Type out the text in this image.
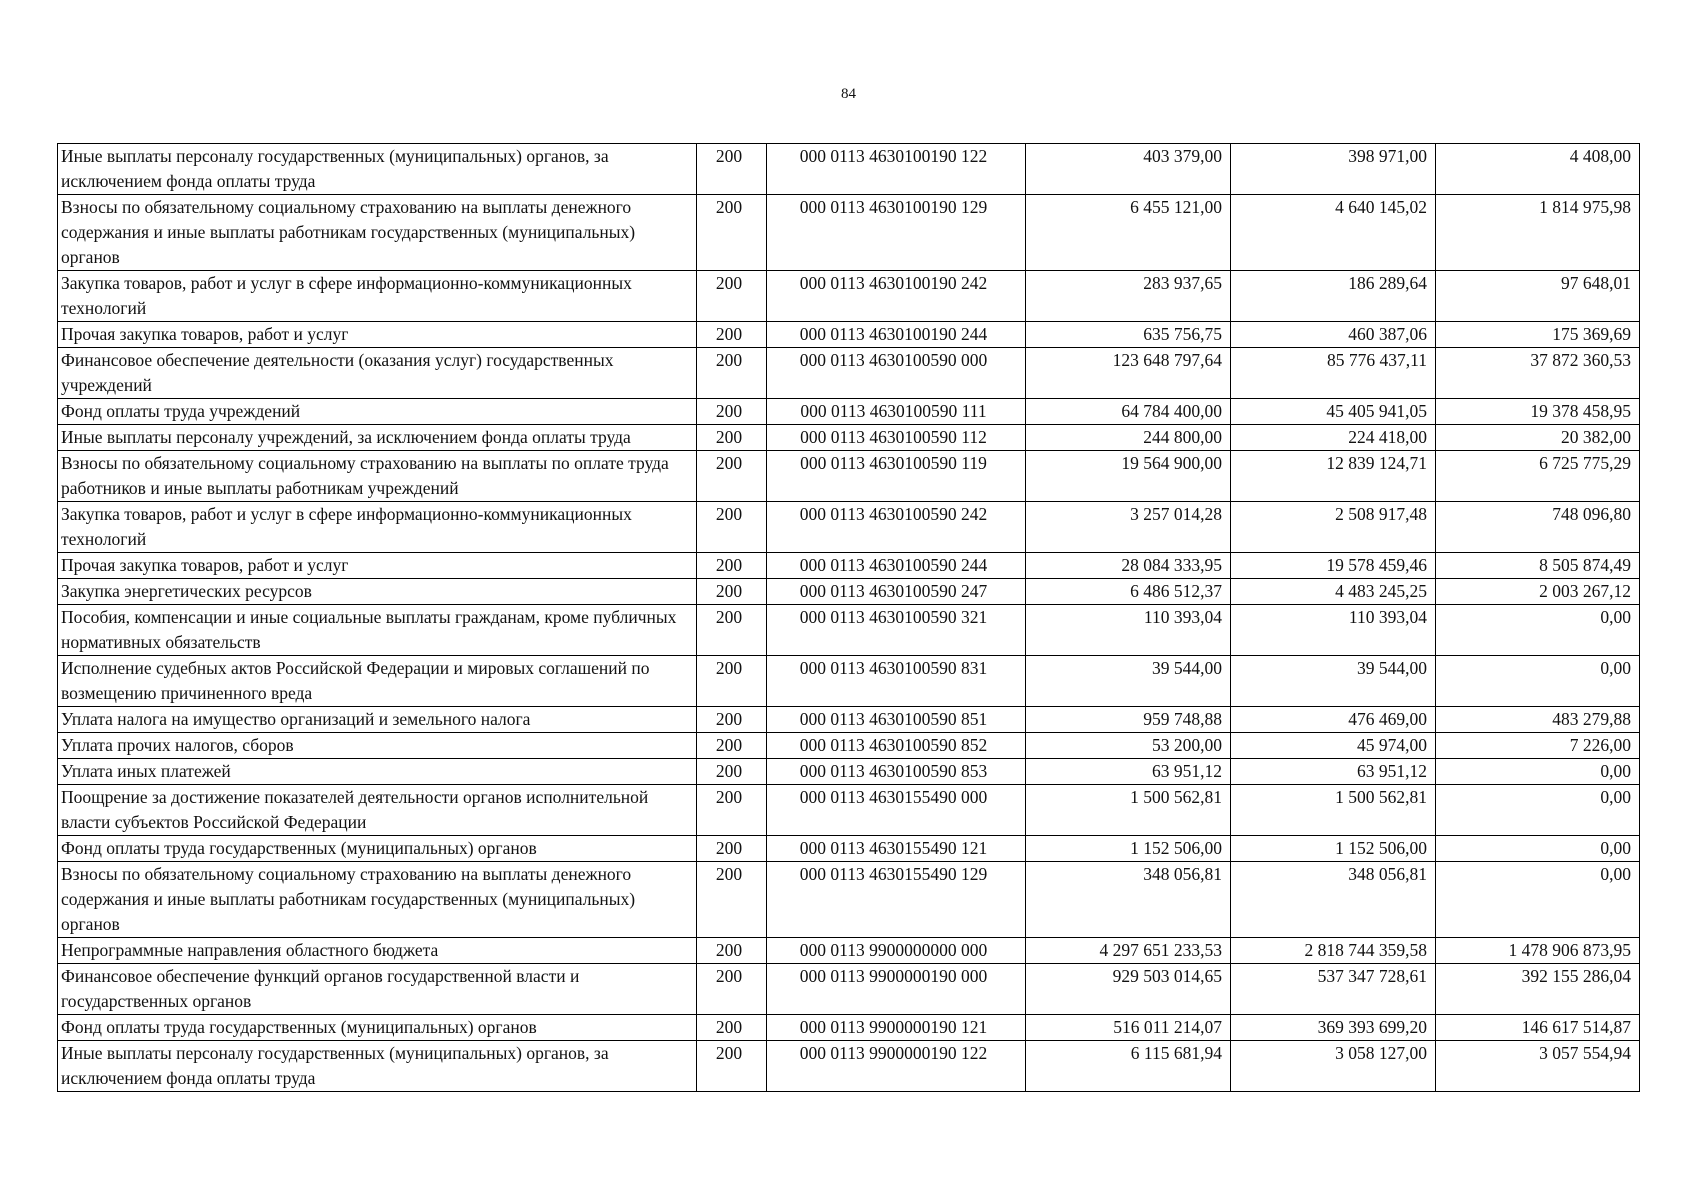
84
Иные выплаты персоналу государственных (муниципальных) органов, за исключением фонда оплаты труда	200	000 0113 4630100190 122	403 379,00	398 971,00	4 408,00
Взносы по обязательному социальному страхованию на выплаты денежного содержания и иные выплаты работникам государственных (муниципальных) органов	200	000 0113 4630100190 129	6 455 121,00	4 640 145,02	1 814 975,98
Закупка товаров, работ и услуг в сфере информационно-коммуникационных технологий	200	000 0113 4630100190 242	283 937,65	186 289,64	97 648,01
Прочая закупка товаров, работ и услуг	200	000 0113 4630100190 244	635 756,75	460 387,06	175 369,69
Финансовое обеспечение деятельности (оказания услуг) государственных учреждений	200	000 0113 4630100590 000	123 648 797,64	85 776 437,11	37 872 360,53
Фонд оплаты труда учреждений	200	000 0113 4630100590 111	64 784 400,00	45 405 941,05	19 378 458,95
Иные выплаты персоналу учреждений, за исключением фонда оплаты труда	200	000 0113 4630100590 112	244 800,00	224 418,00	20 382,00
Взносы по обязательному социальному страхованию на выплаты по оплате труда работников и иные выплаты работникам учреждений	200	000 0113 4630100590 119	19 564 900,00	12 839 124,71	6 725 775,29
Закупка товаров, работ и услуг в сфере информационно-коммуникационных технологий	200	000 0113 4630100590 242	3 257 014,28	2 508 917,48	748 096,80
Прочая закупка товаров, работ и услуг	200	000 0113 4630100590 244	28 084 333,95	19 578 459,46	8 505 874,49
Закупка энергетических ресурсов	200	000 0113 4630100590 247	6 486 512,37	4 483 245,25	2 003 267,12
Пособия, компенсации и иные социальные выплаты гражданам, кроме публичных нормативных обязательств	200	000 0113 4630100590 321	110 393,04	110 393,04	0,00
Исполнение судебных актов Российской Федерации и мировых соглашений по возмещению причиненного вреда	200	000 0113 4630100590 831	39 544,00	39 544,00	0,00
Уплата налога на имущество организаций и земельного налога	200	000 0113 4630100590 851	959 748,88	476 469,00	483 279,88
Уплата прочих налогов, сборов	200	000 0113 4630100590 852	53 200,00	45 974,00	7 226,00
Уплата иных платежей	200	000 0113 4630100590 853	63 951,12	63 951,12	0,00
Поощрение за достижение показателей деятельности органов исполнительной власти субъектов Российской Федерации	200	000 0113 4630155490 000	1 500 562,81	1 500 562,81	0,00
Фонд оплаты труда государственных (муниципальных) органов	200	000 0113 4630155490 121	1 152 506,00	1 152 506,00	0,00
Взносы по обязательному социальному страхованию на выплаты денежного содержания и иные выплаты работникам государственных (муниципальных) органов	200	000 0113 4630155490 129	348 056,81	348 056,81	0,00
Непрограммные направления областного бюджета	200	000 0113 9900000000 000	4 297 651 233,53	2 818 744 359,58	1 478 906 873,95
Финансовое обеспечение функций органов государственной власти и государственных органов	200	000 0113 9900000190 000	929 503 014,65	537 347 728,61	392 155 286,04
Фонд оплаты труда государственных (муниципальных) органов	200	000 0113 9900000190 121	516 011 214,07	369 393 699,20	146 617 514,87
Иные выплаты персоналу государственных (муниципальных) органов, за исключением фонда оплаты труда	200	000 0113 9900000190 122	6 115 681,94	3 058 127,00	3 057 554,94
